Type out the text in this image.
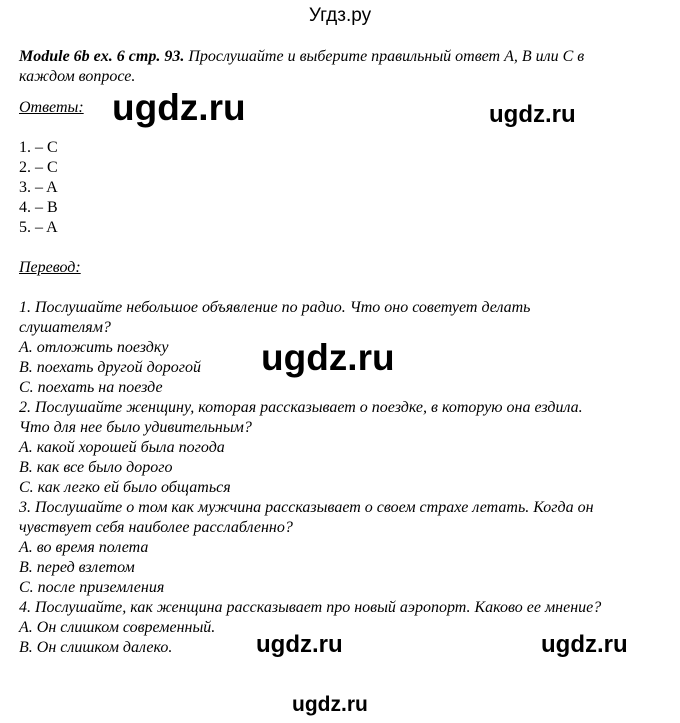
Угдз.ру
Module 6b ex. 6 стр. 93. Прослушайте и выберите правильный ответ A, B или C в
каждом вопросе.
Ответы:
1. – C
2. – C
3. – A
4. – B
5. – A
Перевод:
1. Послушайте небольшое объявление по радио. Что оно советует делать
слушателям?
A. отложить поездку
B. поехать другой дорогой
C. поехать на поезде
2. Послушайте женщину, которая рассказывает о поездке, в которую она ездила.
Что для нее было удивительным?
A. какой хорошей была погода
B. как все было дорого
C. как легко ей было общаться
3. Послушайте о том как мужчина рассказывает о своем страхе летать. Когда он
чувствует себя наиболее расслабленно?
A. во время полета
B. перед взлетом
C. после приземления
4. Послушайте, как женщина рассказывает про новый аэропорт. Каково ее мнение?
A. Он слишком современный.
B. Он слишком далеко.
ugdz.ru	ugdz.ru
ugdz.ru
ugdz.ru	ugdz.ru
ugdz.ru
